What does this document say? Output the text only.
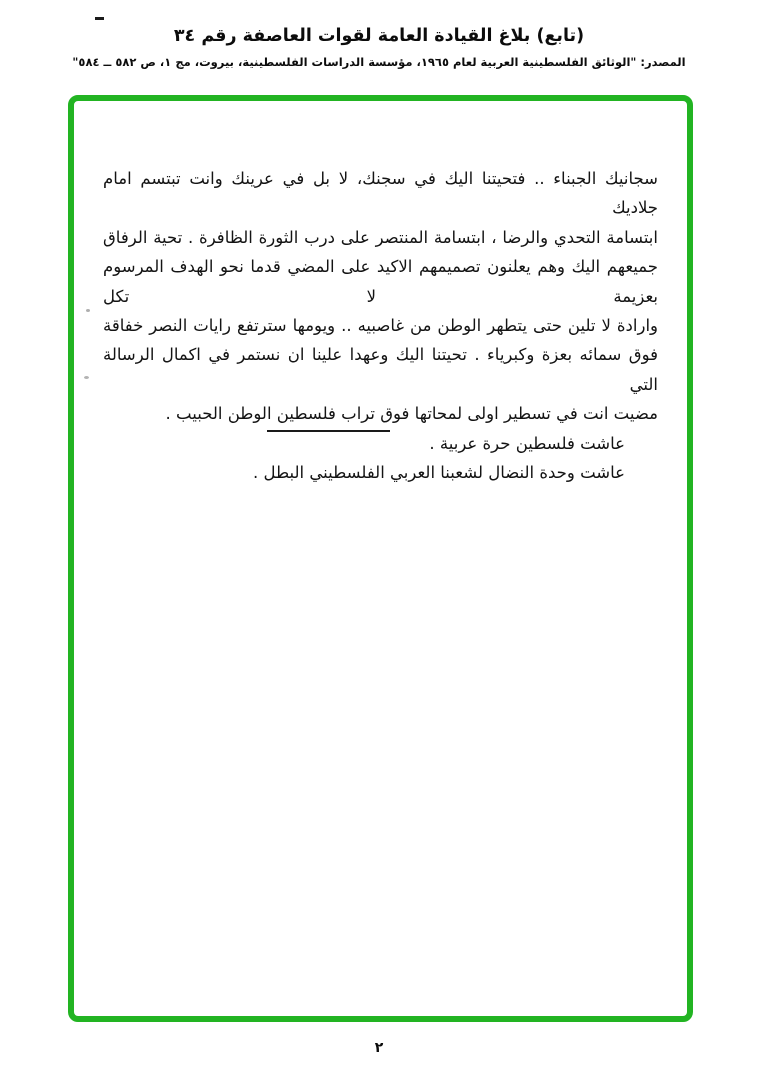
(تابع) بلاغ القيادة العامة لقوات العاصفة رقم ٣٤
المصدر: "الوثائق الفلسطينية العربية لعام ١٩٦٥، مؤسسة الدراسات الفلسطينية، بيروت، مج ١، ص ٥٨٢ ــ ٥٨٤"
سجانيك الجبناء .. فتحيتنا اليك في سجنك، لا بل في عرينك وانت تبتسم امام جلاديك
ابتسامة التحدي والرضا ، ابتسامة المنتصر على درب الثورة الظافرة . تحية الرفاق
جميعهم اليك وهم يعلنون تصميمهم الاكيد على المضي قدما نحو الهدف المرسوم بعزيمة لا تكل
وارادة لا تلين حتى يتطهر الوطن من غاصبيه .. ويومها سترتفع رايات النصر خفاقة
فوق سمائه بعزة وكبرياء . تحيتنا اليك وعهدا علينا ان نستمر في اكمال الرسالة التي
مضيت انت في تسطير اولى لمحاتها فوق تراب فلسطين الوطن الحبيب .
عاشت فلسطين حرة عربية .
عاشت وحدة النضال لشعبنا العربي الفلسطيني البطل .
٢
